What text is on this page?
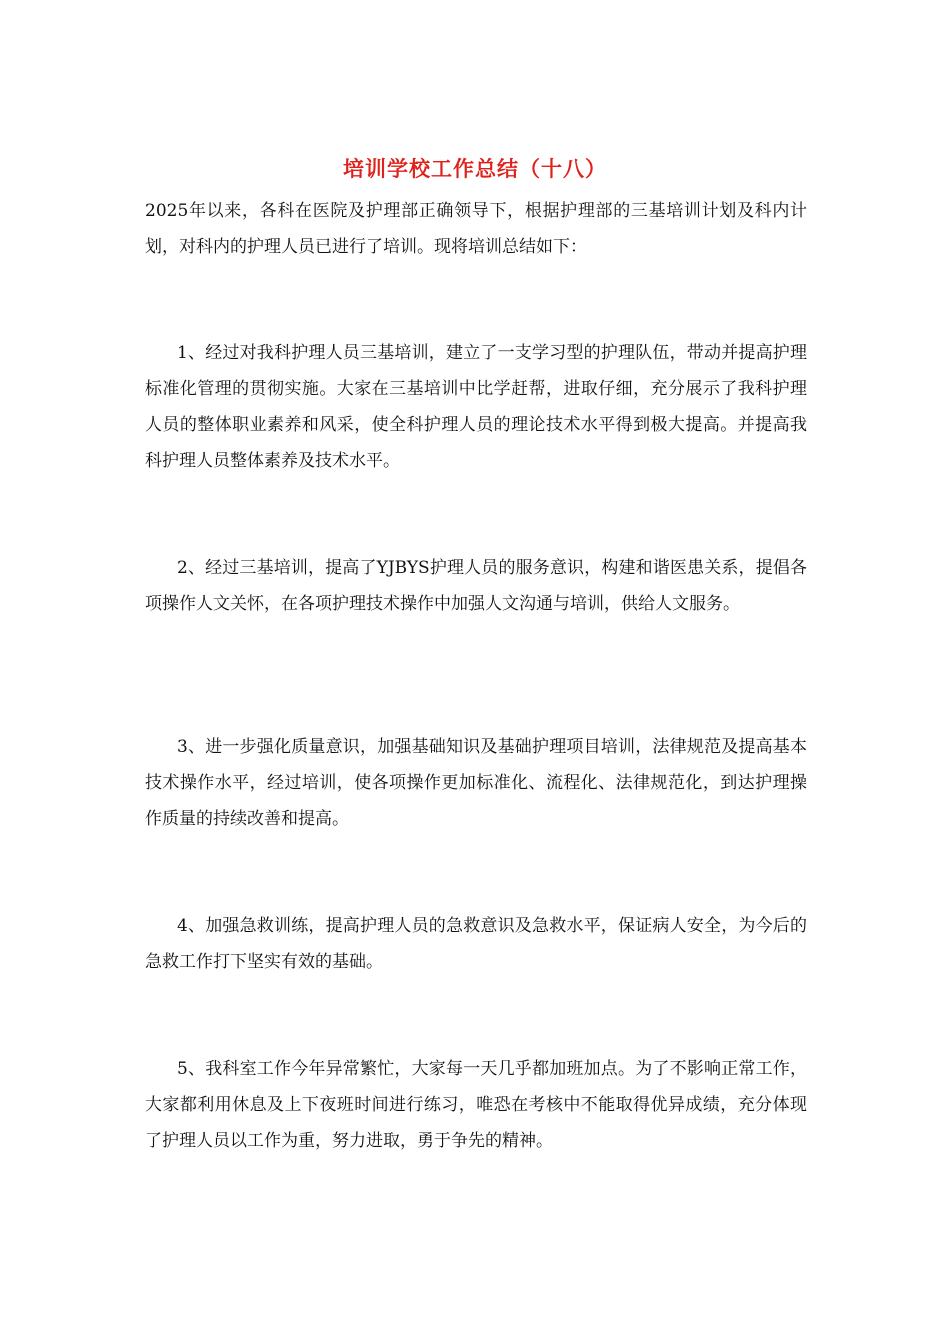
培训学校工作总结（十八）

2025年以来，各科在医院及护理部正确领导下，根据护理部的三基培训计划及科内计划，对科内的护理人员已进行了培训。现将培训总结如下：

1、经过对我科护理人员三基培训，建立了一支学习型的护理队伍，带动并提高护理标准化管理的贯彻实施。大家在三基培训中比学赶帮，进取仔细，充分展示了我科护理人员的整体职业素养和风采，使全科护理人员的理论技术水平得到极大提高。并提高我科护理人员整体素养及技术水平。

2、经过三基培训，提高了YJBYS护理人员的服务意识，构建和谐医患关系，提倡各项操作人文关怀，在各项护理技术操作中加强人文沟通与培训，供给人文服务。

3、进一步强化质量意识，加强基础知识及基础护理项目培训，法律规范及提高基本技术操作水平，经过培训，使各项操作更加标准化、流程化、法律规范化，到达护理操作质量的持续改善和提高。

4、加强急救训练，提高护理人员的急救意识及急救水平，保证病人安全，为今后的急救工作打下坚实有效的基础。

5、我科室工作今年异常繁忙，大家每一天几乎都加班加点。为了不影响正常工作，大家都利用休息及上下夜班时间进行练习，唯恐在考核中不能取得优异成绩，充分体现了护理人员以工作为重，努力进取，勇于争先的精神。
